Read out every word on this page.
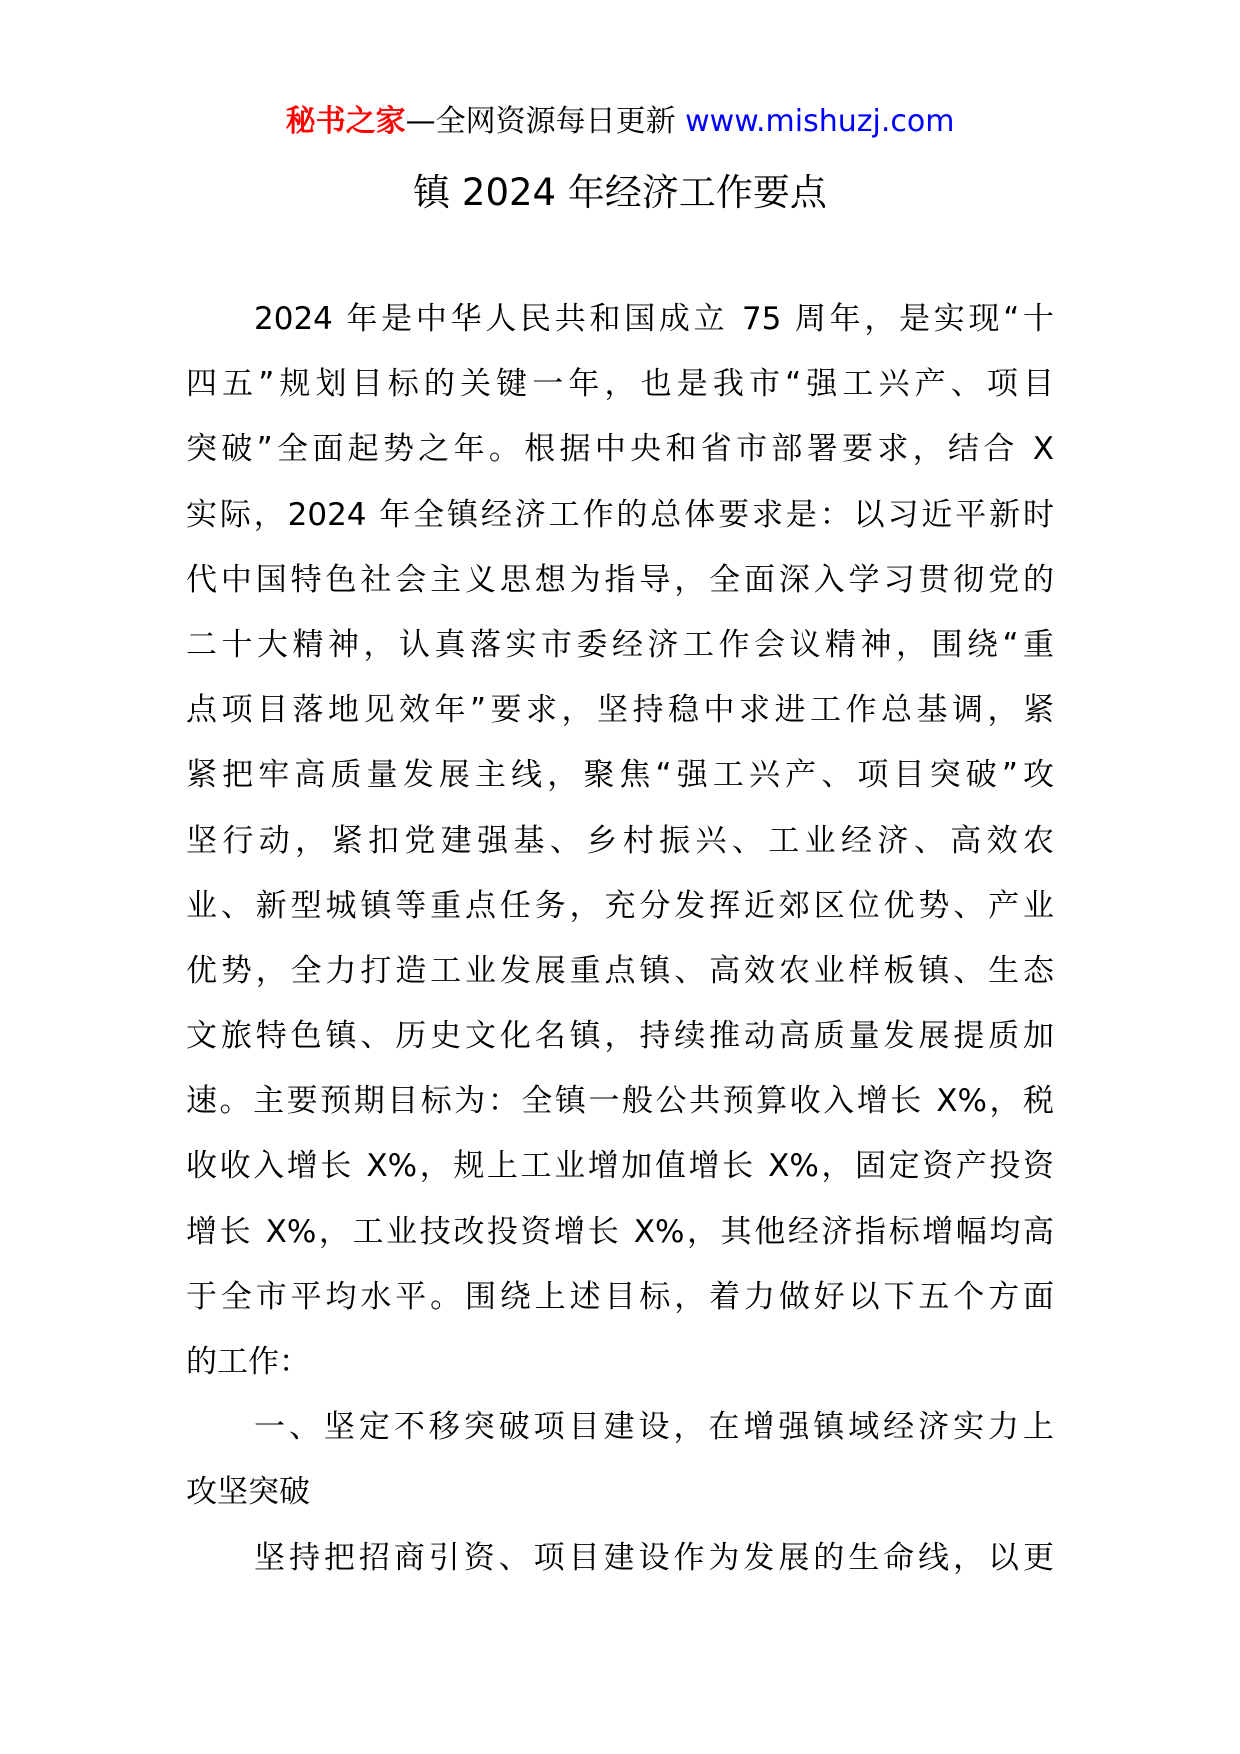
秘书之家—全网资源每日更新 www.mishuzj.com
镇 2024 年经济工作要点
2024 年是中华人民共和国成立 75 周年，是实现“十
四五”规划目标的关键一年，也是我市“强工兴产、项目
突破”全面起势之年。根据中央和省市部署要求，结合 X
实际，2024 年全镇经济工作的总体要求是：以习近平新时
代中国特色社会主义思想为指导，全面深入学习贯彻党的
二十大精神，认真落实市委经济工作会议精神，围绕“重
点项目落地见效年”要求，坚持稳中求进工作总基调，紧
紧把牢高质量发展主线，聚焦“强工兴产、项目突破”攻
坚行动，紧扣党建强基、乡村振兴、工业经济、高效农
业、新型城镇等重点任务，充分发挥近郊区位优势、产业
优势，全力打造工业发展重点镇、高效农业样板镇、生态
文旅特色镇、历史文化名镇，持续推动高质量发展提质加
速。主要预期目标为：全镇一般公共预算收入增长 X%，税
收收入增长 X%，规上工业增加值增长 X%，固定资产投资
增长 X%，工业技改投资增长 X%，其他经济指标增幅均高
于全市平均水平。围绕上述目标，着力做好以下五个方面
的工作：
一、坚定不移突破项目建设，在增强镇域经济实力上
攻坚突破
坚持把招商引资、项目建设作为发展的生命线，以更
